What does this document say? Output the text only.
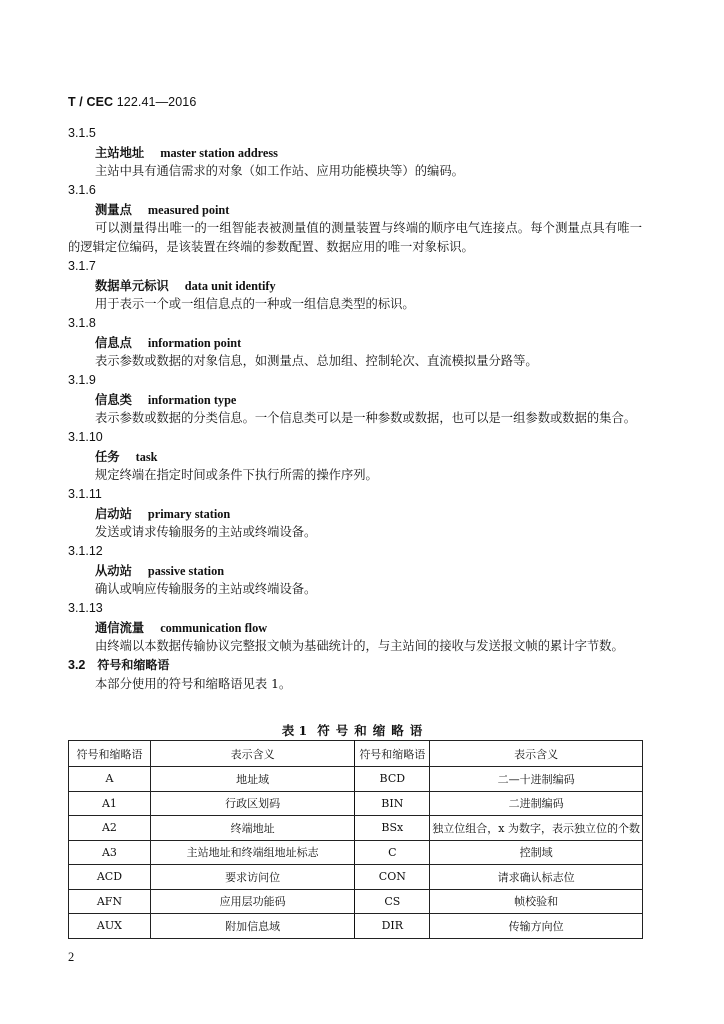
T / CEC 122.41—2016
3.1.5
主站地址 master station address
主站中具有通信需求的对象（如工作站、应用功能模块等）的编码。
3.1.6
测量点 measured point
可以测量得出唯一的一组智能表被测量值的测量装置与终端的顺序电气连接点。每个测量点具有唯一的逻辑定位编码，是该装置在终端的参数配置、数据应用的唯一对象标识。
3.1.7
数据单元标识 data unit identify
用于表示一个或一组信息点的一种或一组信息类型的标识。
3.1.8
信息点 information point
表示参数或数据的对象信息，如测量点、总加组、控制轮次、直流模拟量分路等。
3.1.9
信息类 information type
表示参数或数据的分类信息。一个信息类可以是一种参数或数据，也可以是一组参数或数据的集合。
3.1.10
任务 task
规定终端在指定时间或条件下执行所需的操作序列。
3.1.11
启动站 primary station
发送或请求传输服务的主站或终端设备。
3.1.12
从动站 passive station
确认或响应传输服务的主站或终端设备。
3.1.13
通信流量 communication flow
由终端以本数据传输协议完整报文帧为基础统计的，与主站间的接收与发送报文帧的累计字节数。
3.2 符号和缩略语
本部分使用的符号和缩略语见表 1。
表 1 符号和缩略语
符号和缩略语	表示含义	符号和缩略语	表示含义
A	地址域	BCD	二—十进制编码
A1	行政区划码	BIN	二进制编码
A2	终端地址	BSx	独立位组合，x 为数字，表示独立位的个数
A3	主站地址和终端组地址标志	C	控制域
ACD	要求访问位	CON	请求确认标志位
AFN	应用层功能码	CS	帧校验和
AUX	附加信息域	DIR	传输方向位
2
